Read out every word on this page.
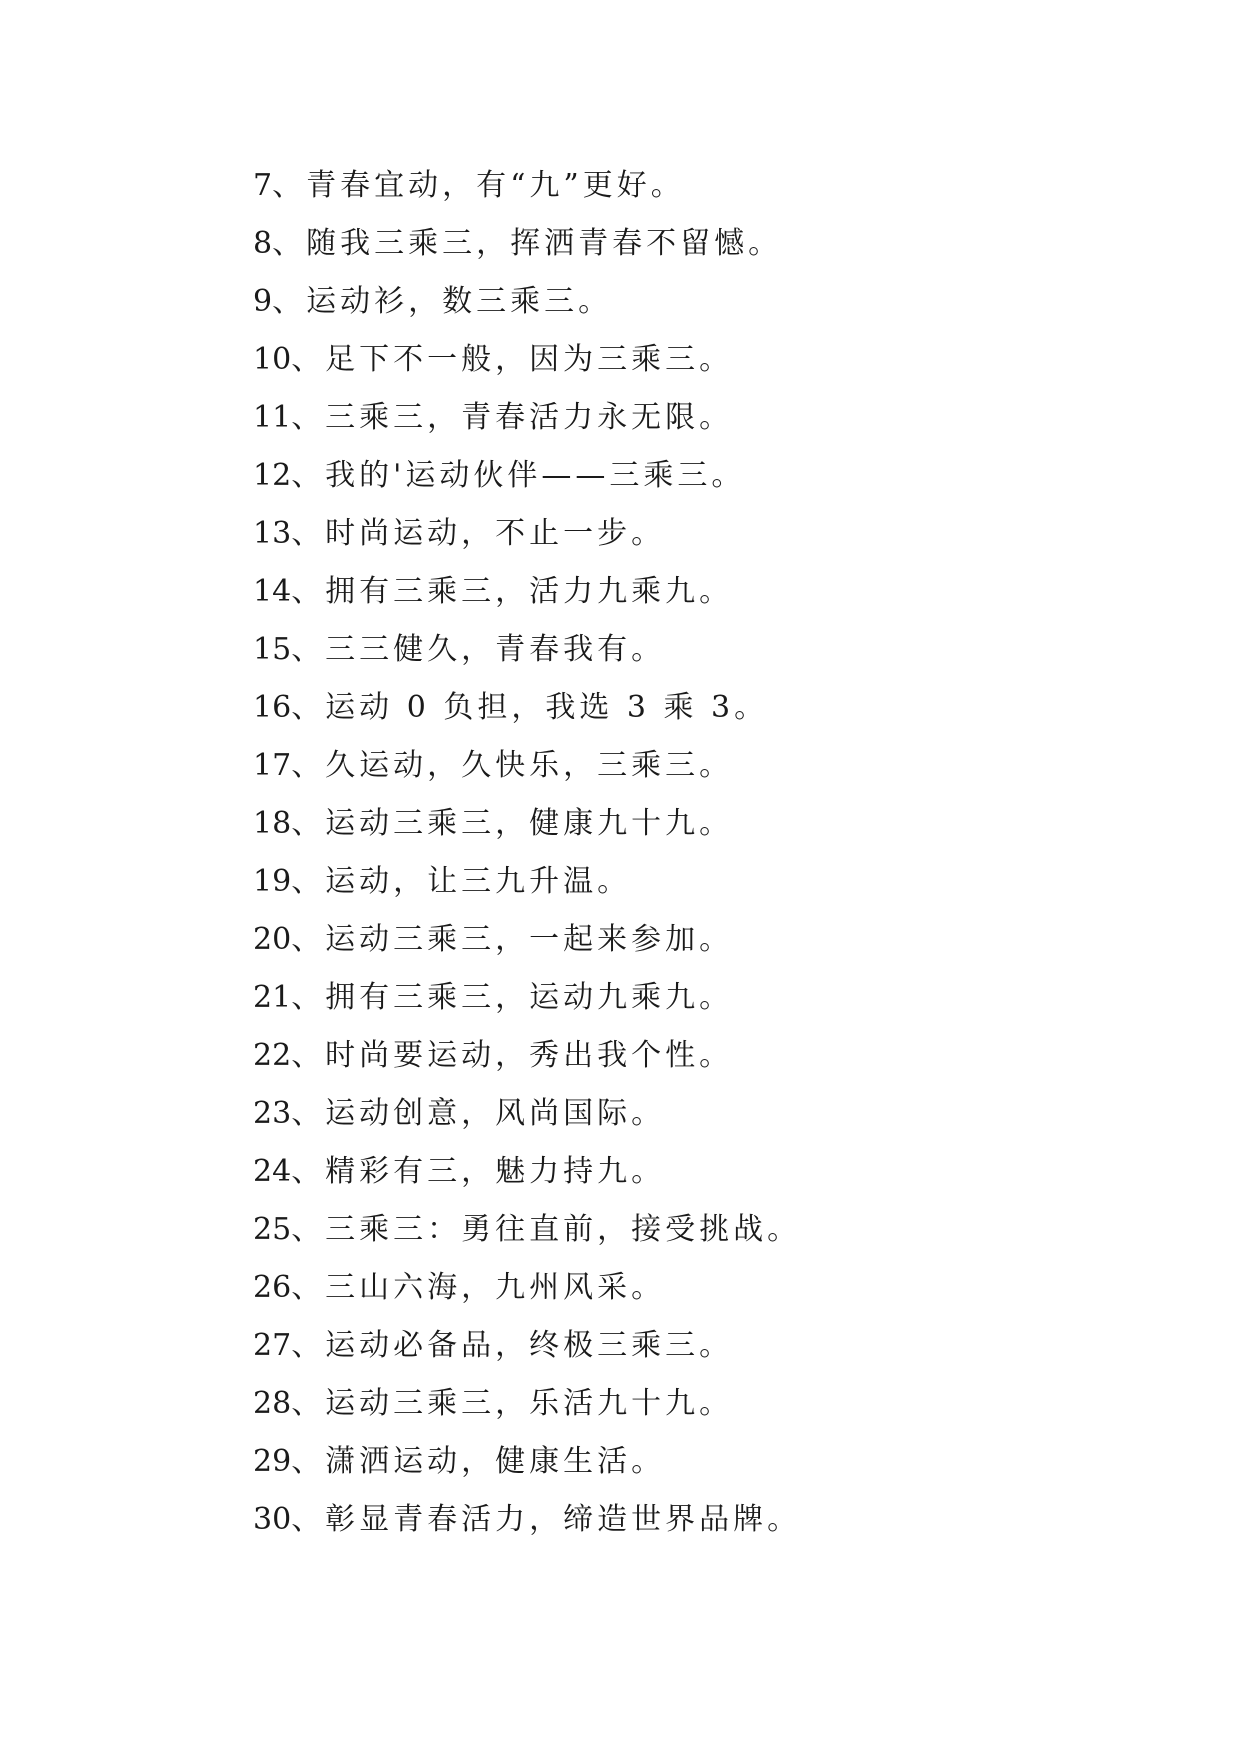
7、青春宜动，有“九”更好。
8、随我三乘三，挥洒青春不留憾。
9、运动衫，数三乘三。
10、足下不一般，因为三乘三。
11、三乘三，青春活力永无限。
12、我的'运动伙伴——三乘三。
13、时尚运动，不止一步。
14、拥有三乘三，活力九乘九。
15、三三健久，青春我有。
16、运动 0 负担，我选 3 乘 3。
17、久运动，久快乐，三乘三。
18、运动三乘三，健康九十九。
19、运动，让三九升温。
20、运动三乘三，一起来参加。
21、拥有三乘三，运动九乘九。
22、时尚要运动，秀出我个性。
23、运动创意，风尚国际。
24、精彩有三，魅力持九。
25、三乘三：勇往直前，接受挑战。
26、三山六海，九州风采。
27、运动必备品，终极三乘三。
28、运动三乘三，乐活九十九。
29、潇洒运动，健康生活。
30、彰显青春活力，缔造世界品牌。
